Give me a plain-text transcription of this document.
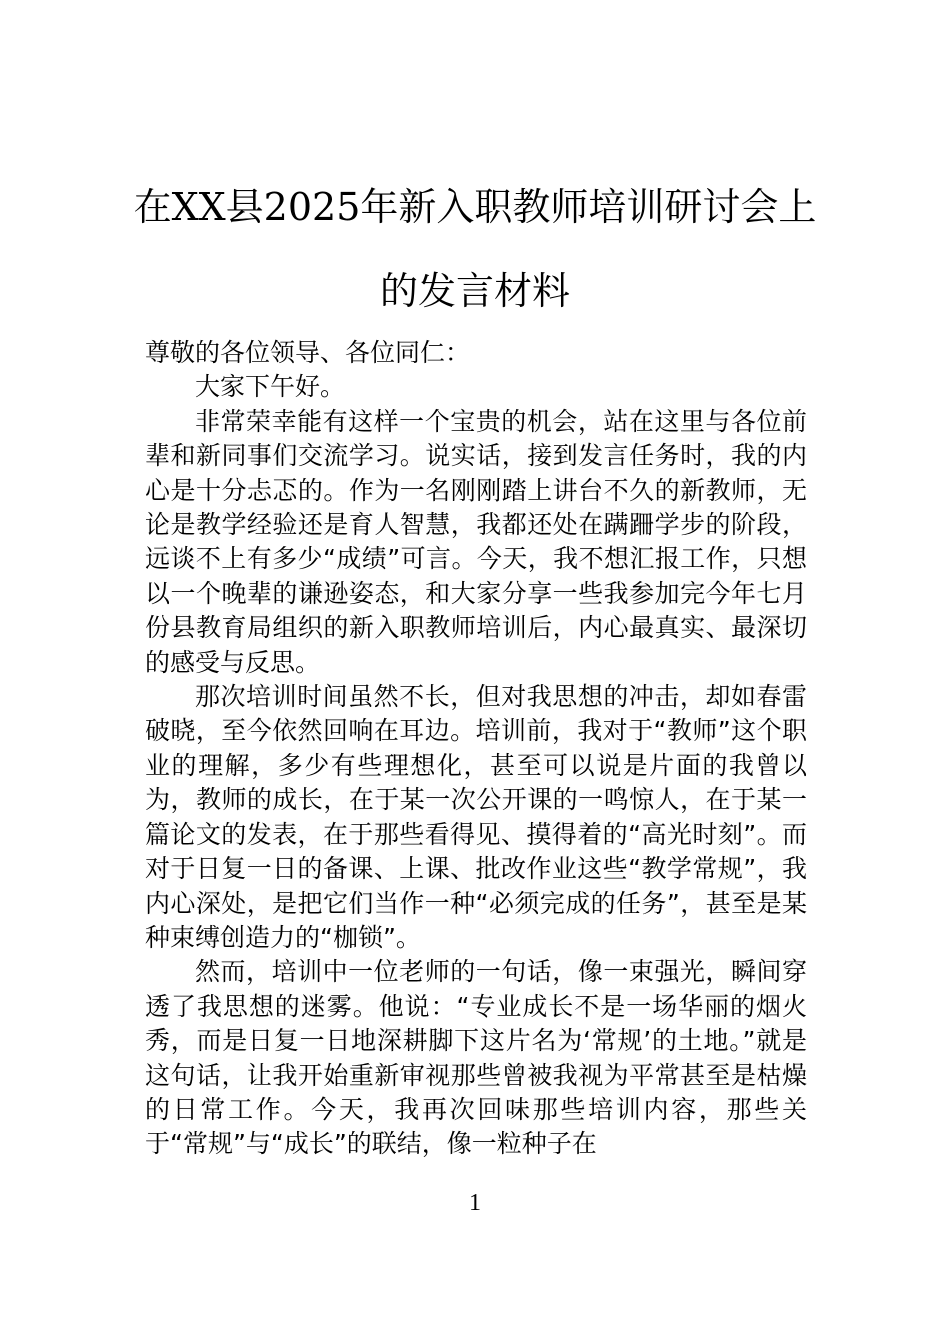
在XX县2025年新入职教师培训研讨会上
的发言材料

尊敬的各位领导、各位同仁：

大家下午好。

非常荣幸能有这样一个宝贵的机会，站在这里与各位前辈和新同事们交流学习。说实话，接到发言任务时，我的内心是十分忐忑的。作为一名刚刚踏上讲台不久的新教师，无论是教学经验还是育人智慧，我都还处在蹒跚学步的阶段，远谈不上有多少“成绩”可言。今天，我不想汇报工作，只想以一个晚辈的谦逊姿态，和大家分享一些我参加完今年七月份县教育局组织的新入职教师培训后，内心最真实、最深切的感受与反思。

那次培训时间虽然不长，但对我思想的冲击，却如春雷破晓，至今依然回响在耳边。培训前，我对于“教师”这个职业的理解，多少有些理想化，甚至可以说是片面的我曾以为，教师的成长，在于某一次公开课的一鸣惊人，在于某一篇论文的发表，在于那些看得见、摸得着的“高光时刻”。而对于日复一日的备课、上课、批改作业这些“教学常规”，我内心深处，是把它们当作一种“必须完成的任务”，甚至是某种束缚创造力的“枷锁”。

然而，培训中一位老师的一句话，像一束强光，瞬间穿透了我思想的迷雾。他说：“专业成长不是一场华丽的烟火秀，而是日复一日地深耕脚下这片名为‘常规’的土地。”就是这句话，让我开始重新审视那些曾被我视为平常甚至是枯燥的日常工作。今天，我再次回味那些培训内容，那些关于“常规”与“成长”的联结，像一粒种子在

1
